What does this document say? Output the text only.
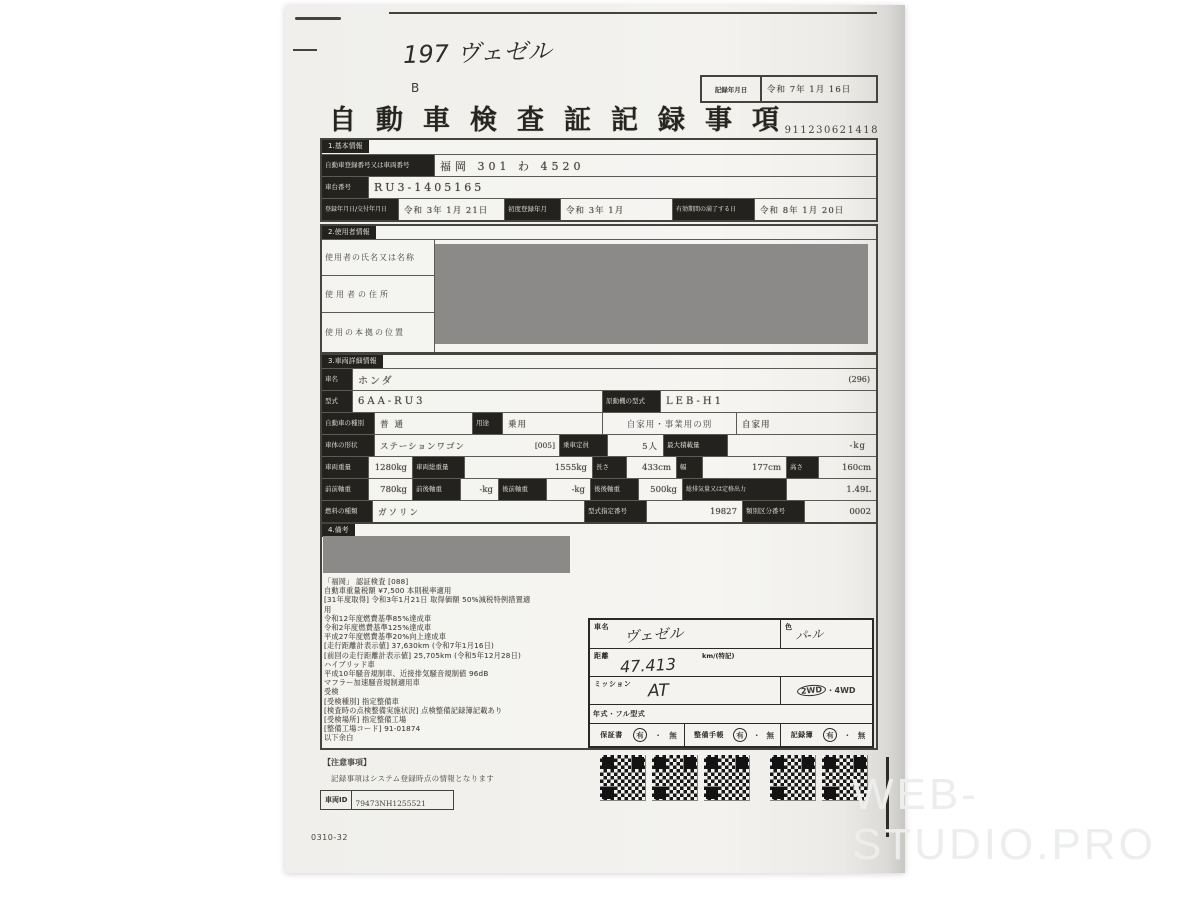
197 ヴェゼル
B
自動車検査証記録事項
記録年月日	令和 7年 1月 16日
911230621418
1.基本情報
自動車登録番号又は車両番号	福岡 301 わ 4520
車台番号	RU3-1405165
登録年月日/交付年月日	令和 3年 1月 21日	初度登録年月	令和 3年 1月	有効期間の満了する日	令和 8年 1月 20日
2.使用者情報
使用者の氏名又は名称
使用者の住所
使用の本拠の位置
3.車両詳細情報
車名	ホンダ	(296)
型式	6AA-RU3	原動機の型式	LEB-H1
自動車の種別	普通	用途	乗用	自家用・事業用の別	自家用
車体の形状	ステーションワゴン	[005]	乗車定員	5人	最大積載量	-kg
車両重量	1280kg	車両総重量	1555kg	長さ	433cm	幅	177cm	高さ	160cm
前前軸重	780kg	前後軸重	-kg	後前軸重	-kg	後後軸重	500kg	総排気量又は定格出力	1.49L
燃料の種類	ガソリン	型式指定番号	19827	類別区分番号	0002
4.備考
「福岡」 認証検査 [088]
自動車重量税額 ¥7,500 本則税率適用
[31年度取得] 令和3年1月21日 取得価額 50%減税特例措置適
用
令和12年度燃費基準85%達成車
令和2年度燃費基準125%達成車
平成27年度燃費基準20%向上達成車
[走行距離計表示値] 37,630km (令和7年1月16日)
[前回の走行距離計表示値] 25,705km (令和5年12月28日)
ハイブリッド車
平成10年騒音規制車、近接排気騒音規制値 96dB
マフラー加速騒音規制適用車
受検
[受検種別] 指定整備車
[検査時の点検整備実施状況] 点検整備記録簿記載あり
[受検場所] 指定整備工場
[整備工場コード] 91-01874
以下余白
車名 ヴェゼル	色 パ-ル
距離	km/(特記)
47.413
ミッション AT	2WD ・ 4WD
年式・フル型式
保証書	有	・ 無	整備手帳	有	・ 無	記録簿	有	・ 無
【注意事項】
記録事項はシステム登録時点の情報となります
車両ID	79473NH1255521
0310-32
WEB-STUDIO.PRO
